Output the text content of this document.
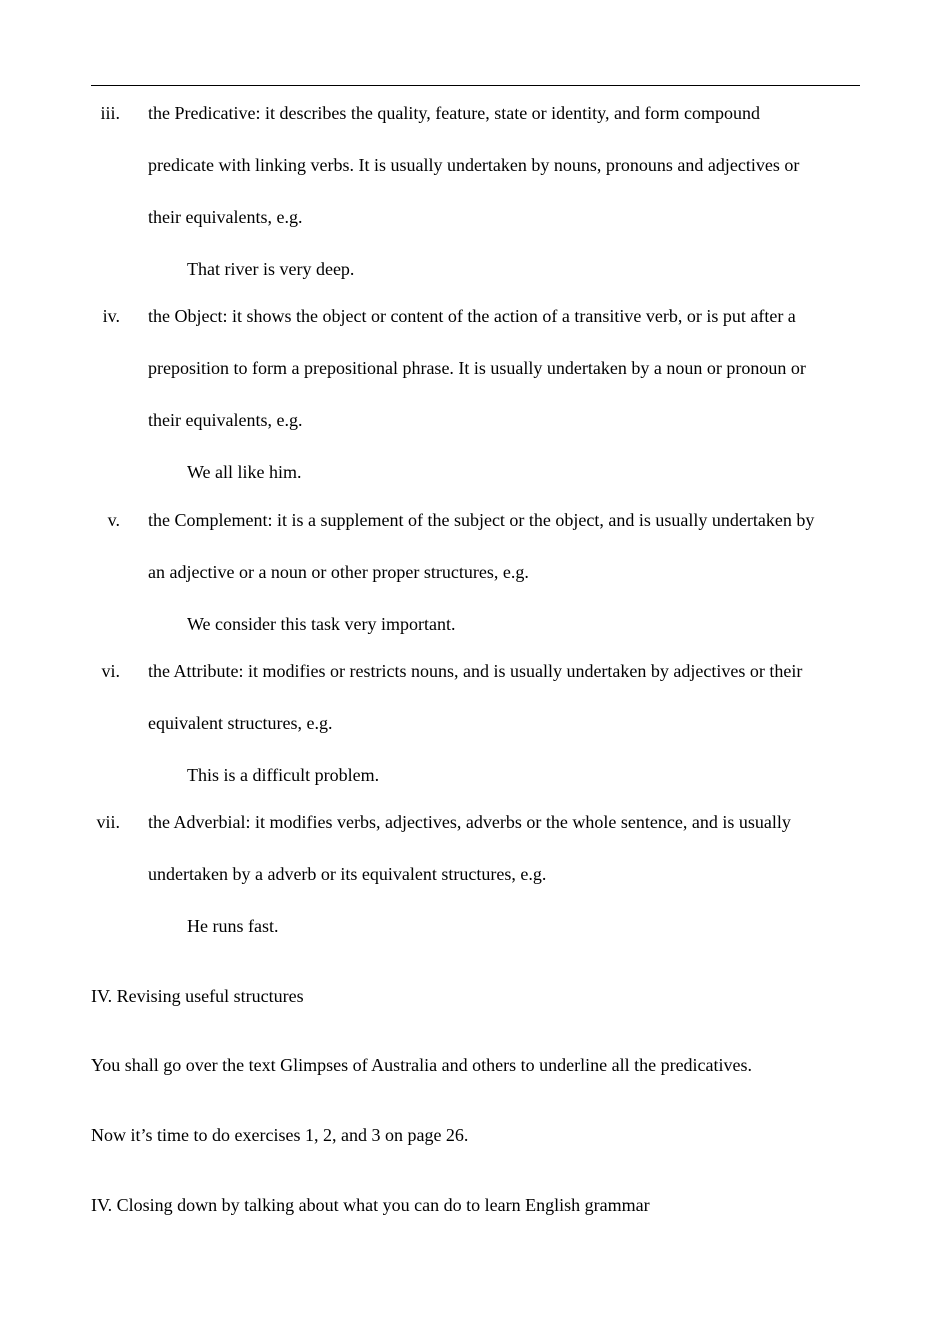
iii. the Predicative: it describes the quality, feature, state or identity, and form compound
predicate with linking verbs. It is usually undertaken by nouns, pronouns and adjectives or
their equivalents, e.g.
That river is very deep.
iv. the Object: it shows the object or content of the action of a transitive verb, or is put after a
preposition to form a prepositional phrase. It is usually undertaken by a noun or pronoun or
their equivalents, e.g.
We all like him.
v. the Complement: it is a supplement of the subject or the object, and is usually undertaken by
an adjective or a noun or other proper structures, e.g.
We consider this task very important.
vi. the Attribute: it modifies or restricts nouns, and is usually undertaken by adjectives or their
equivalent structures, e.g.
This is a difficult problem.
vii. the Adverbial: it modifies verbs, adjectives, adverbs or the whole sentence, and is usually
undertaken by a adverb or its equivalent structures, e.g.
He runs fast.
IV. Revising useful structures
You shall go over the text Glimpses of Australia and others to underline all the predicatives.
Now it’s time to do exercises 1, 2, and 3 on page 26.
IV. Closing down by talking about what you can do to learn English grammar
